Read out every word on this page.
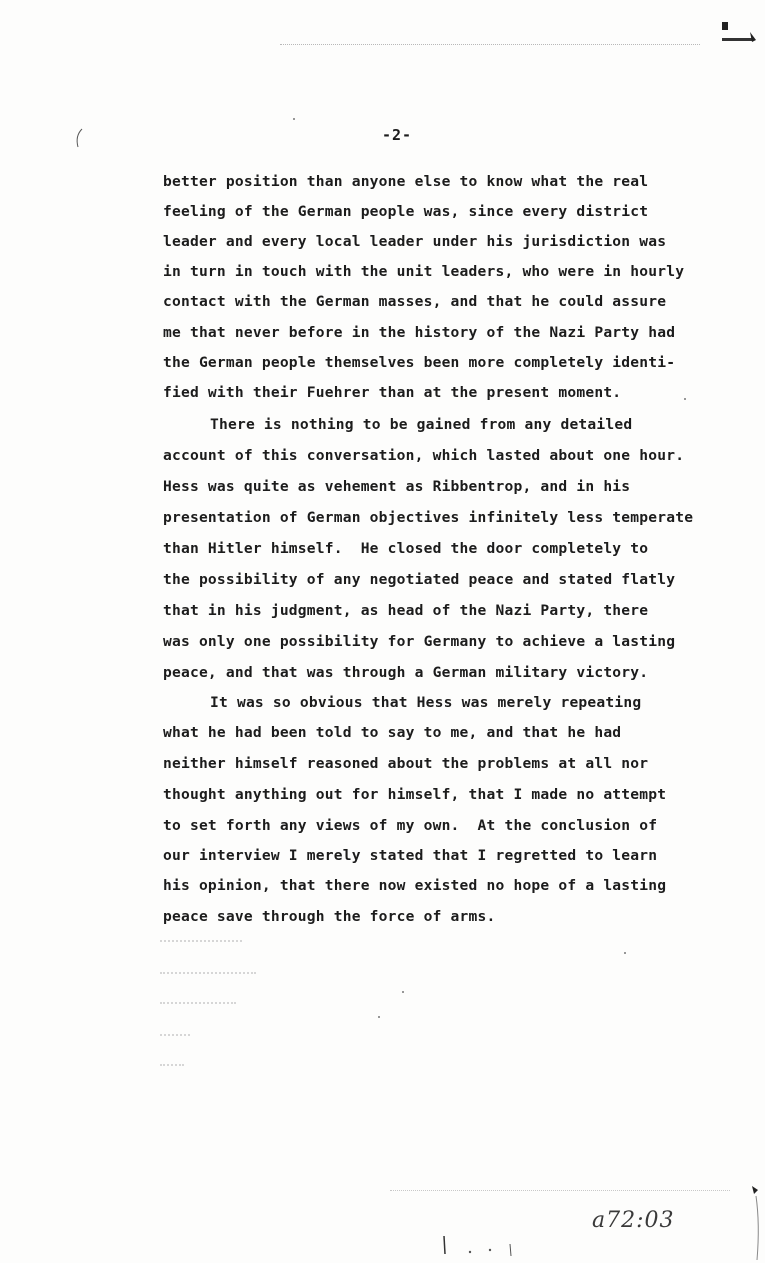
-2-
better position than anyone else to know what the real
feeling of the German people was, since every district
leader and every local leader under his jurisdiction was
in turn in touch with the unit leaders, who were in hourly
contact with the German masses, and that he could assure
me that never before in the history of the Nazi Party had
the German people themselves been more completely identi-
fied with their Fuehrer than at the present moment.
There is nothing to be gained from any detailed
account of this conversation, which lasted about one hour.
Hess was quite as vehement as Ribbentrop, and in his
presentation of German objectives infinitely less temperate
than Hitler himself.  He closed the door completely to
the possibility of any negotiated peace and stated flatly
that in his judgment, as head of the Nazi Party, there
was only one possibility for Germany to achieve a lasting
peace, and that was through a German military victory.
It was so obvious that Hess was merely repeating
what he had been told to say to me, and that he had
neither himself reasoned about the problems at all nor
thought anything out for himself, that I made no attempt
to set forth any views of my own.  At the conclusion of
our interview I merely stated that I regretted to learn
his opinion, that there now existed no hope of a lasting
peace save through the force of arms.
a72:03
